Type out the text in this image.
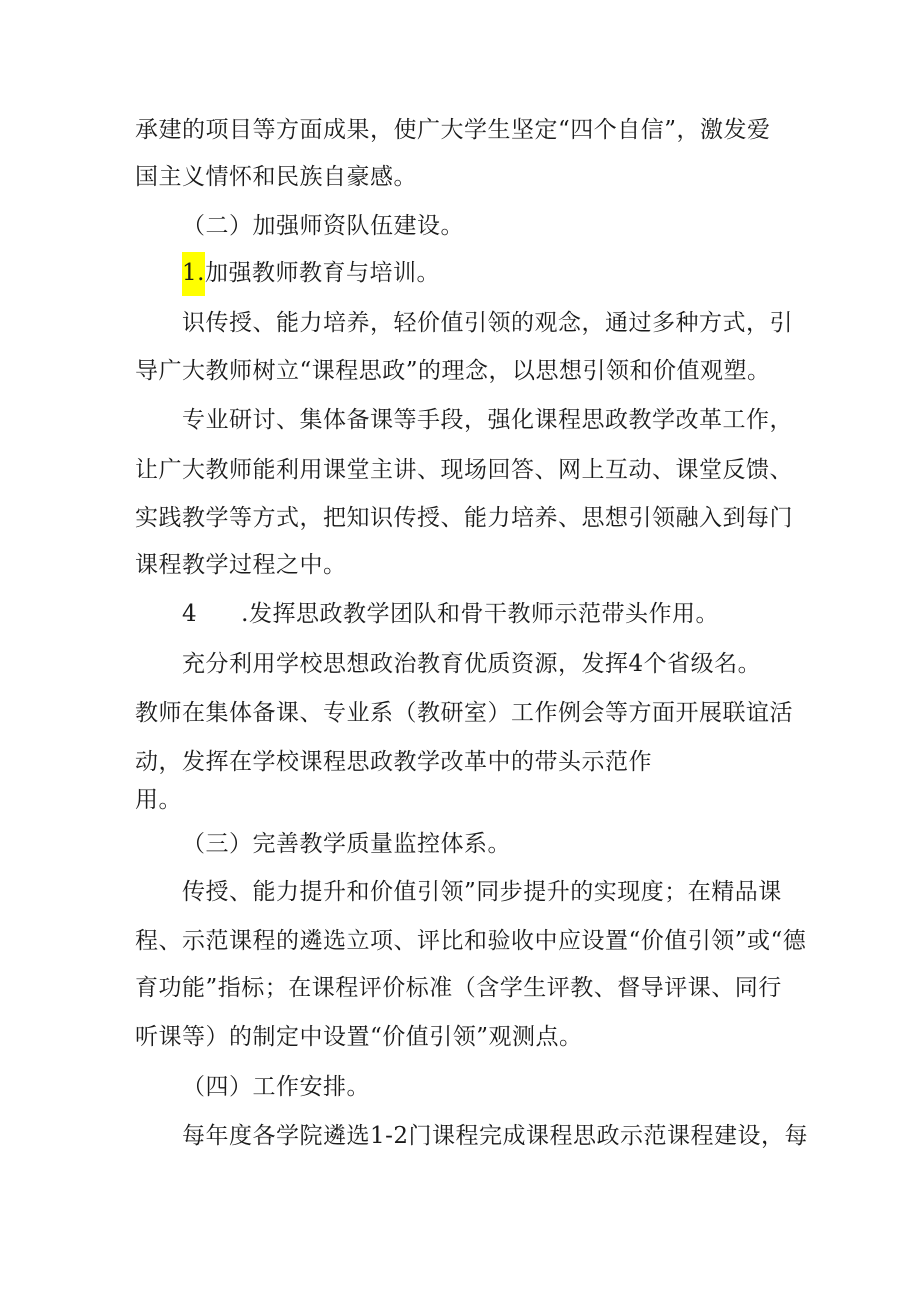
承建的项目等方面成果，使广大学生坚定“四个自信”，激发爱
国主义情怀和民族自豪感。
（二）加强师资队伍建设。
1.加强教师教育与培训。
识传授、能力培养，轻价值引领的观念，通过多种方式，引
导广大教师树立“课程思政”的理念，以思想引领和价值观塑。
专业研讨、集体备课等手段，强化课程思政教学改革工作，
让广大教师能利用课堂主讲、现场回答、网上互动、课堂反馈、
实践教学等方式，把知识传授、能力培养、思想引领融入到每门
课程教学过程之中。
4 .发挥思政教学团队和骨干教师示范带头作用。
充分利用学校思想政治教育优质资源，发挥4个省级名。
教师在集体备课、专业系（教研室）工作例会等方面开展联谊活
动，发挥在学校课程思政教学改革中的带头示范作
用。
（三）完善教学质量监控体系。
传授、能力提升和价值引领”同步提升的实现度；在精品课
程、示范课程的遴选立项、评比和验收中应设置“价值引领”或“德
育功能”指标；在课程评价标准（含学生评教、督导评课、同行
听课等）的制定中设置“价值引领”观测点。
（四）工作安排。
每年度各学院遴选1-2门课程完成课程思政示范课程建设，每
